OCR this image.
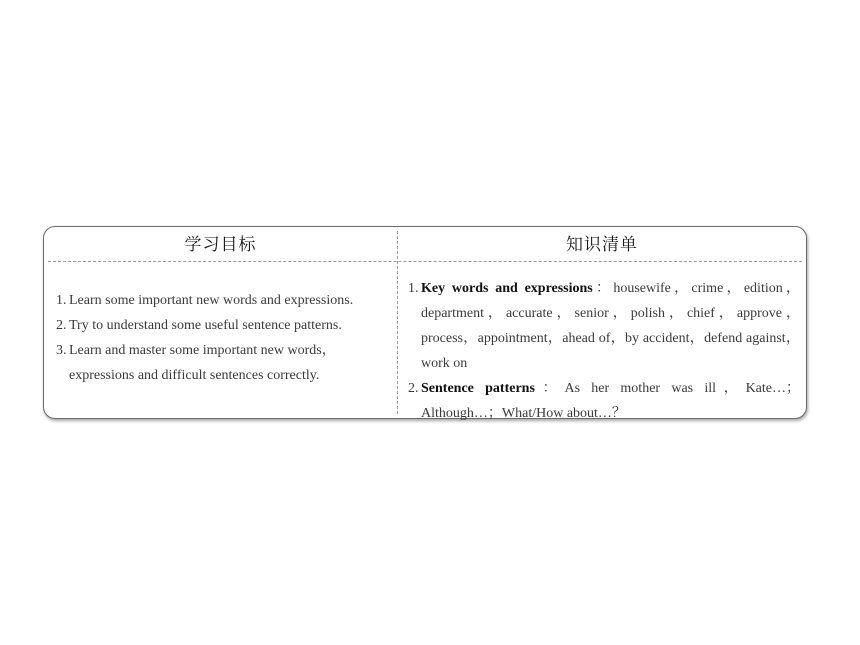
学习目标	知识清单
1. Learn some important new words and expressions.
2. Try to understand some useful sentence patterns.
3. Learn and master some important new words，expressions and difficult sentences correctly.
1. Key words and expressions：housewife，crime，edition，department，accurate，senior，polish，chief，approve，process，appointment，ahead of，by accident，defend against，work on
2. Sentence patterns：As her mother was ill，Kate…；Although…；What/How about…？
